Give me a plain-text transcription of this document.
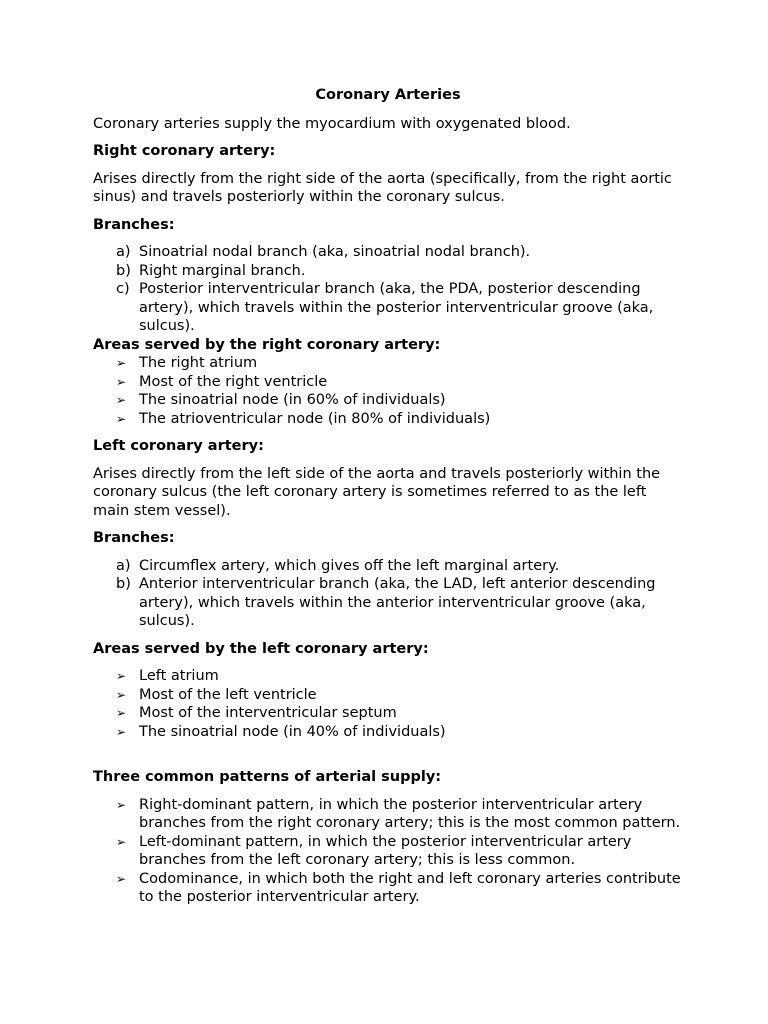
Coronary Arteries

Coronary arteries supply the myocardium with oxygenated blood.

Right coronary artery:

Arises directly from the right side of the aorta (specifically, from the right aortic sinus) and travels posteriorly within the coronary sulcus.

Branches:

a) Sinoatrial nodal branch (aka, sinoatrial nodal branch).
b) Right marginal branch.
c) Posterior interventricular branch (aka, the PDA, posterior descending artery), which travels within the posterior interventricular groove (aka, sulcus).

Areas served by the right coronary artery:

➢ The right atrium
➢ Most of the right ventricle
➢ The sinoatrial node (in 60% of individuals)
➢ The atrioventricular node (in 80% of individuals)

Left coronary artery:

Arises directly from the left side of the aorta and travels posteriorly within the coronary sulcus (the left coronary artery is sometimes referred to as the left main stem vessel).

Branches:

a) Circumflex artery, which gives off the left marginal artery.
b) Anterior interventricular branch (aka, the LAD, left anterior descending artery), which travels within the anterior interventricular groove (aka, sulcus).

Areas served by the left coronary artery:

➢ Left atrium
➢ Most of the left ventricle
➢ Most of the interventricular septum
➢ The sinoatrial node (in 40% of individuals)

Three common patterns of arterial supply:

➢ Right-dominant pattern, in which the posterior interventricular artery branches from the right coronary artery; this is the most common pattern.
➢ Left-dominant pattern, in which the posterior interventricular artery branches from the left coronary artery; this is less common.
➢ Codominance, in which both the right and left coronary arteries contribute to the posterior interventricular artery.
